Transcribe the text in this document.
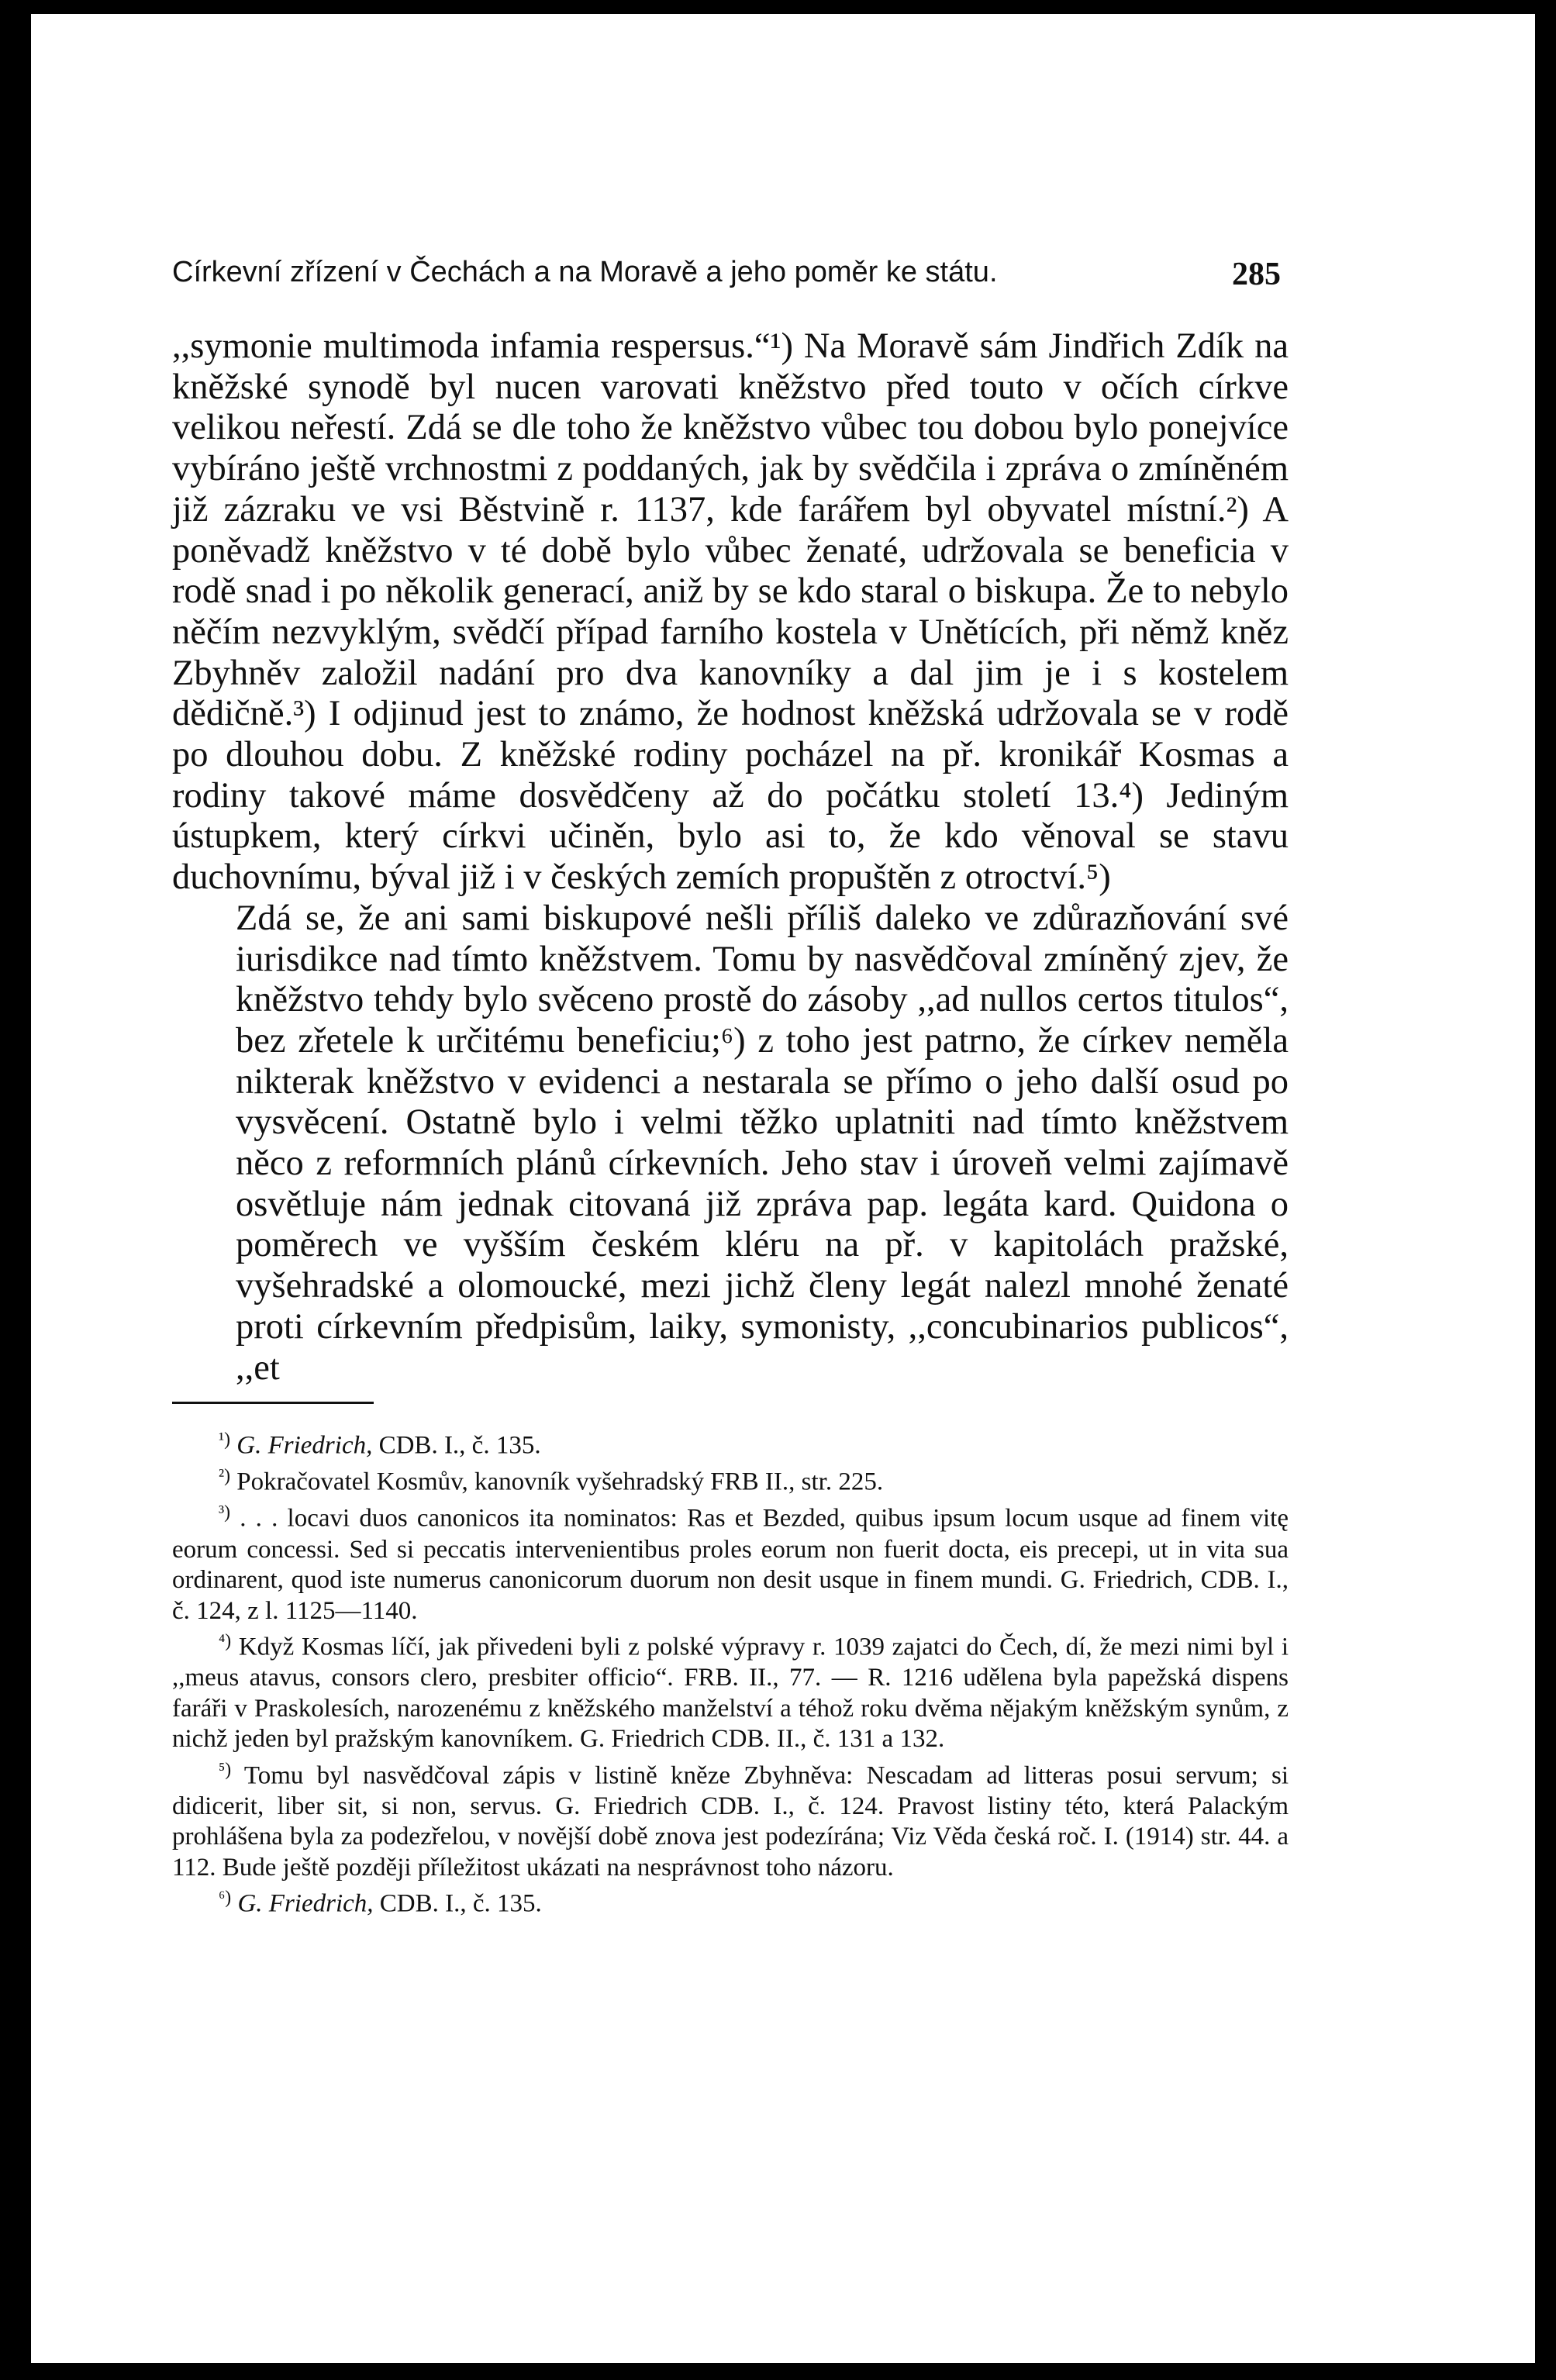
Církevní zřízení v Čechách a na Moravě a jeho poměr ke státu.	285

,,symonie multimoda infamia respersus.“¹) Na Moravě sám Jindřich Zdík na kněžské synodě byl nucen varovati kněžstvo před touto v očích církve velikou neřestí. Zdá se dle toho že kněžstvo vůbec tou dobou bylo ponejvíce vybíráno ještě vrchnostmi z poddaných, jak by svědčila i zpráva o zmíněném již zázraku ve vsi Běstvině r. 1137, kde farářem byl obyvatel místní.²) A poněvadž kněžstvo v té době bylo vůbec ženaté, udržovala se beneficia v rodě snad i po několik generací, aniž by se kdo staral o biskupa. Že to nebylo něčím nezvyklým, svědčí případ farního kostela v Unětících, při němž kněz Zbyhněv založil nadání pro dva kanovníky a dal jim je i s kostelem dědičně.³) I odjinud jest to známo, že hodnost kněžská udržovala se v rodě po dlouhou dobu. Z kněžské rodiny pocházel na př. kronikář Kosmas a rodiny takové máme dosvědčeny až do počátku století 13.⁴) Jediným ústupkem, který církvi učiněn, bylo asi to, že kdo věnoval se stavu duchovnímu, býval již i v českých zemích propuštěn z otroctví.⁵)

Zdá se, že ani sami biskupové nešli příliš daleko ve zdůrazňování své iurisdikce nad tímto kněžstvem. Tomu by nasvědčoval zmíněný zjev, že kněžstvo tehdy bylo svěceno prostě do zásoby ,,ad nullos certos titulos“, bez zřetele k určitému beneficiu;⁶) z toho jest patrno, že církev neměla nikterak kněžstvo v evidenci a nestarala se přímo o jeho další osud po vysvěcení. Ostatně bylo i velmi těžko uplatniti nad tímto kněžstvem něco z reformních plánů církevních. Jeho stav i úroveň velmi zajímavě osvětluje nám jednak citovaná již zpráva pap. legáta kard. Quidona o poměrech ve vyšším českém kléru na př. v kapitolách pražské, vyšehradské a olomoucké, mezi jichž členy legát nalezl mnohé ženaté proti církevním předpisům, laiky, symonisty, ,,concubinarios publicos“, ,,et

$^{^1)}$ G. Friedrich, CDB. I., č. 135.

$^{^2)}$ Pokračovatel Kosmův, kanovník vyšehradský FRB II., str. 225.

$^{^3)}$ . . . locavi duos canonicos ita nominatos: Ras et Bezded, quibus ipsum locum usque ad finem vitę eorum concessi. Sed si peccatis intervenientibus proles eorum non fuerit docta, eis precepi, ut in vita sua ordinarent, quod iste numerus canonicorum duorum non desit usque in finem mundi. G. Friedrich, CDB. I., č. 124, z l. 1125—1140.

$^{^4)}$ Když Kosmas líčí, jak přivedeni byli z polské výpravy r. 1039 zajatci do Čech, dí, že mezi nimi byl i ,,meus atavus, consors clero, presbiter officio“. FRB. II., 77. — R. 1216 udělena byla papežská dispens faráři v Praskolesích, narozenému z kněžského manželství a téhož roku dvěma nějakým kněžským synům, z nichž jeden byl pražským kanovníkem. G. Friedrich CDB. II., č. 131 a 132.

$^{^5)}$ Tomu byl nasvědčoval zápis v listině kněze Zbyhněva: Nescadam ad litteras posui servum; si didicerit, liber sit, si non, servus. G. Friedrich CDB. I., č. 124. Pravost listiny této, která Palackým prohlášena byla za podezřelou, v novější době znova jest podezírána; Viz Věda česká roč. I. (1914) str. 44. a 112. Bude ještě později příležitost ukázati na nesprávnost toho názoru.

$^{^6)}$ G. Friedrich, CDB. I., č. 135.
